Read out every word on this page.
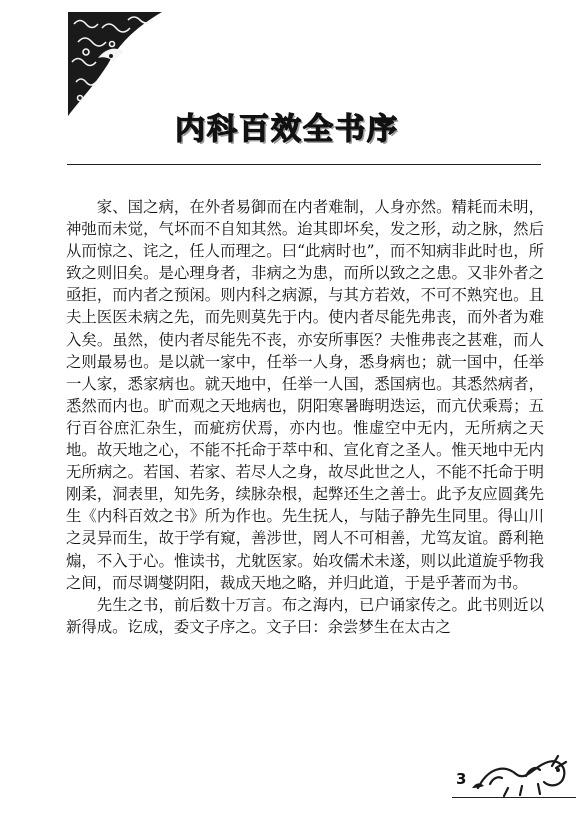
内科百效全书序

家、国之病，在外者易御而在内者难制，人身亦然。精耗而未明，神弛而未觉，气坏而不自知其然。迨其即坏矣，发之形，动之脉，然后从而惊之、诧之，任人而理之。曰“此病时也”，而不知病非此时也，所致之则旧矣。是心理身者，非病之为患，而所以致之之患。又非外者之亟拒，而内者之预闲。则内科之病源，与其方若效，不可不熟究也。且夫上医医未病之先，而先则莫先于内。使内者尽能先弗丧，而外者为难入矣。虽然，使内者尽能先不丧，亦安所事医？夫惟弗丧之甚难，而人之则最易也。是以就一家中，任举一人身，悉身病也；就一国中，任举一人家，悉家病也。就天地中，任举一人国，悉国病也。其悉然病者，悉然而内也。旷而观之天地病也，阴阳寒暑晦明迭运，而亢伏乘焉；五行百谷庶汇杂生，而疵疠伏焉，亦内也。惟虚空中无内，无所病之天地。故天地之心，不能不托命于萃中和、宣化育之圣人。惟天地中无内无所病之。若国、若家、若尽人之身，故尽此世之人，不能不托命于明刚柔，洞表里，知先务，续脉杂根，起弊还生之善士。此予友应圆龚先生《内科百效之书》所为作也。先生抚人，与陆子静先生同里。得山川之灵异而生，故于学有窥，善涉世，罔人不可相善，尤笃友谊。爵利艳煽，不入于心。惟读书，尤躭医家。始攻儒术未遂，则以此道旋乎物我之间，而尽调燮阴阳，裁成天地之略，并归此道，于是乎著而为书。

先生之书，前后数十万言。布之海内，已户诵家传之。此书则近以新得成。讫成，委文子序之。文子曰：余尝梦生在太古之

3
